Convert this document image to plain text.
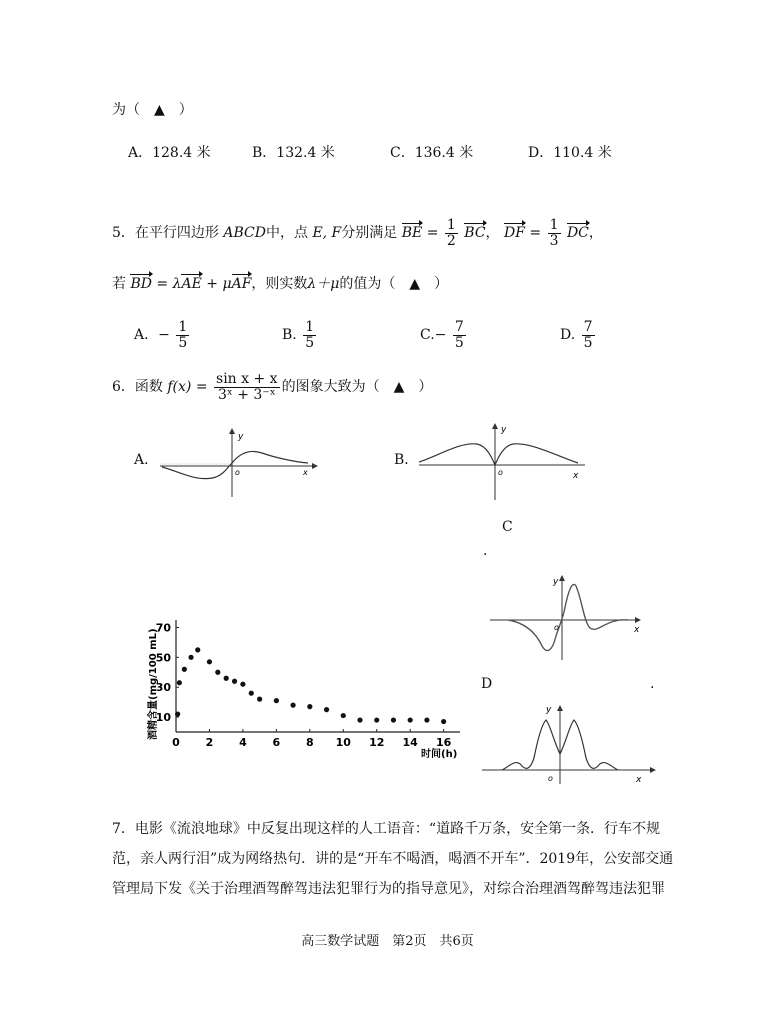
为（　▲　）
A．128.4 米	B．132.4 米	C．136.4 米	D．110.4 米
5．在平行四边形 ABCD中，点 E, F分别满足 BE = $\frac{1}{2}$ BC， DF = $\frac{1}{3}$ DC，
若 BD = λAE + μAF，则实数λ＋μ的值为（　▲　）
A．− $\frac{1}{5}$	B. $\frac{1}{5}$	$C.- \frac{7}{5}$	D. $\frac{7}{5}$
6．函数 $f(x) = \frac{\text{sin x + x}}{\text{3ˣ + 3⁻ˣ}}$ 的图象大致为（　▲　）
A．	B．
C
.
D	.
y
o	x
y
o	x
y
o	x
y
o	x
酒精含量(mg/100 mL)
时间(h)
0 2 4 6 8 10 12 14 16
10
30
50
70
7．电影《流浪地球》中反复出现这样的人工语音：“道路千万条，安全第一条．行车不规
范，亲人两行泪”成为网络热句．讲的是“开车不喝酒，喝酒不开车”．2019年，公安部交通
管理局下发《关于治理酒驾醉驾违法犯罪行为的指导意见》，对综合治理酒驾醉驾违法犯罪
高三数学试题　第2页　共6页
